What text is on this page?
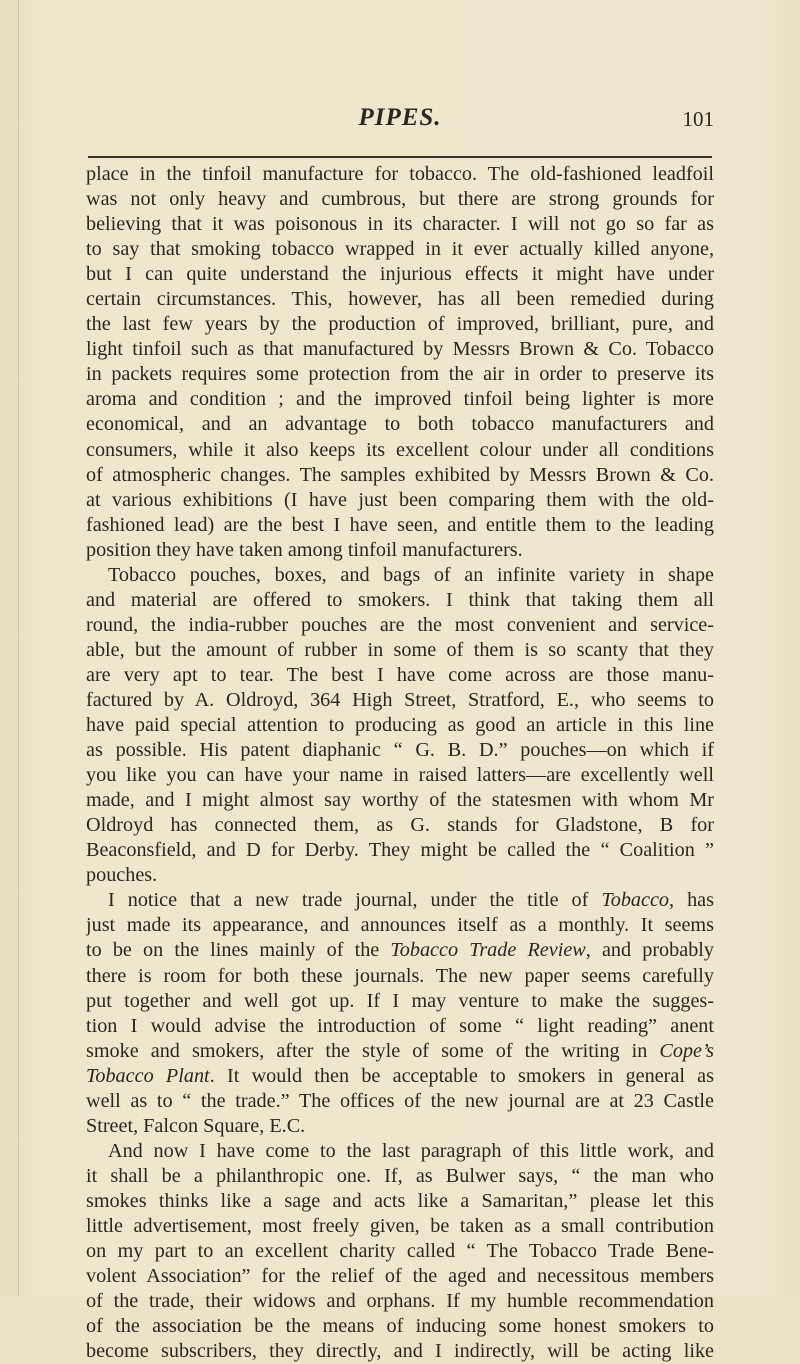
PIPES.	101
place in the tinfoil manufacture for tobacco. The old-fashioned leadfoil
was not only heavy and cumbrous, but there are strong grounds for
believing that it was poisonous in its character. I will not go so far as
to say that smoking tobacco wrapped in it ever actually killed anyone,
but I can quite understand the injurious effects it might have under
certain circumstances. This, however, has all been remedied during
the last few years by the production of improved, brilliant, pure, and
light tinfoil such as that manufactured by Messrs Brown & Co. Tobacco
in packets requires some protection from the air in order to preserve its
aroma and condition ; and the improved tinfoil being lighter is more
economical, and an advantage to both tobacco manufacturers and
consumers, while it also keeps its excellent colour under all conditions
of atmospheric changes. The samples exhibited by Messrs Brown & Co.
at various exhibitions (I have just been comparing them with the old-
fashioned lead) are the best I have seen, and entitle them to the leading
position they have taken among tinfoil manufacturers.
Tobacco pouches, boxes, and bags of an infinite variety in shape
and material are offered to smokers. I think that taking them all
round, the india-rubber pouches are the most convenient and service-
able, but the amount of rubber in some of them is so scanty that they
are very apt to tear. The best I have come across are those manu-
factured by A. Oldroyd, 364 High Street, Stratford, E., who seems to
have paid special attention to producing as good an article in this line
as possible. His patent diaphanic “ G. B. D.” pouches—on which if
you like you can have your name in raised latters—are excellently well
made, and I might almost say worthy of the statesmen with whom Mr
Oldroyd has connected them, as G. stands for Gladstone, B for
Beaconsfield, and D for Derby. They might be called the “ Coalition ”
pouches.
I notice that a new trade journal, under the title of Tobacco, has
just made its appearance, and announces itself as a monthly. It seems
to be on the lines mainly of the Tobacco Trade Review, and probably
there is room for both these journals. The new paper seems carefully
put together and well got up. If I may venture to make the sugges-
tion I would advise the introduction of some “ light reading” anent
smoke and smokers, after the style of some of the writing in Cope’s
Tobacco Plant. It would then be acceptable to smokers in general as
well as to “ the trade.” The offices of the new journal are at 23 Castle
Street, Falcon Square, E.C.
And now I have come to the last paragraph of this little work, and
it shall be a philanthropic one. If, as Bulwer says, “ the man who
smokes thinks like a sage and acts like a Samaritan,” please let this
little advertisement, most freely given, be taken as a small contribution
on my part to an excellent charity called “ The Tobacco Trade Bene-
volent Association” for the relief of the aged and necessitous members
of the trade, their widows and orphans. If my humble recommendation
of the association be the means of inducing some honest smokers to
become subscribers, they directly, and I indirectly, will be acting like
